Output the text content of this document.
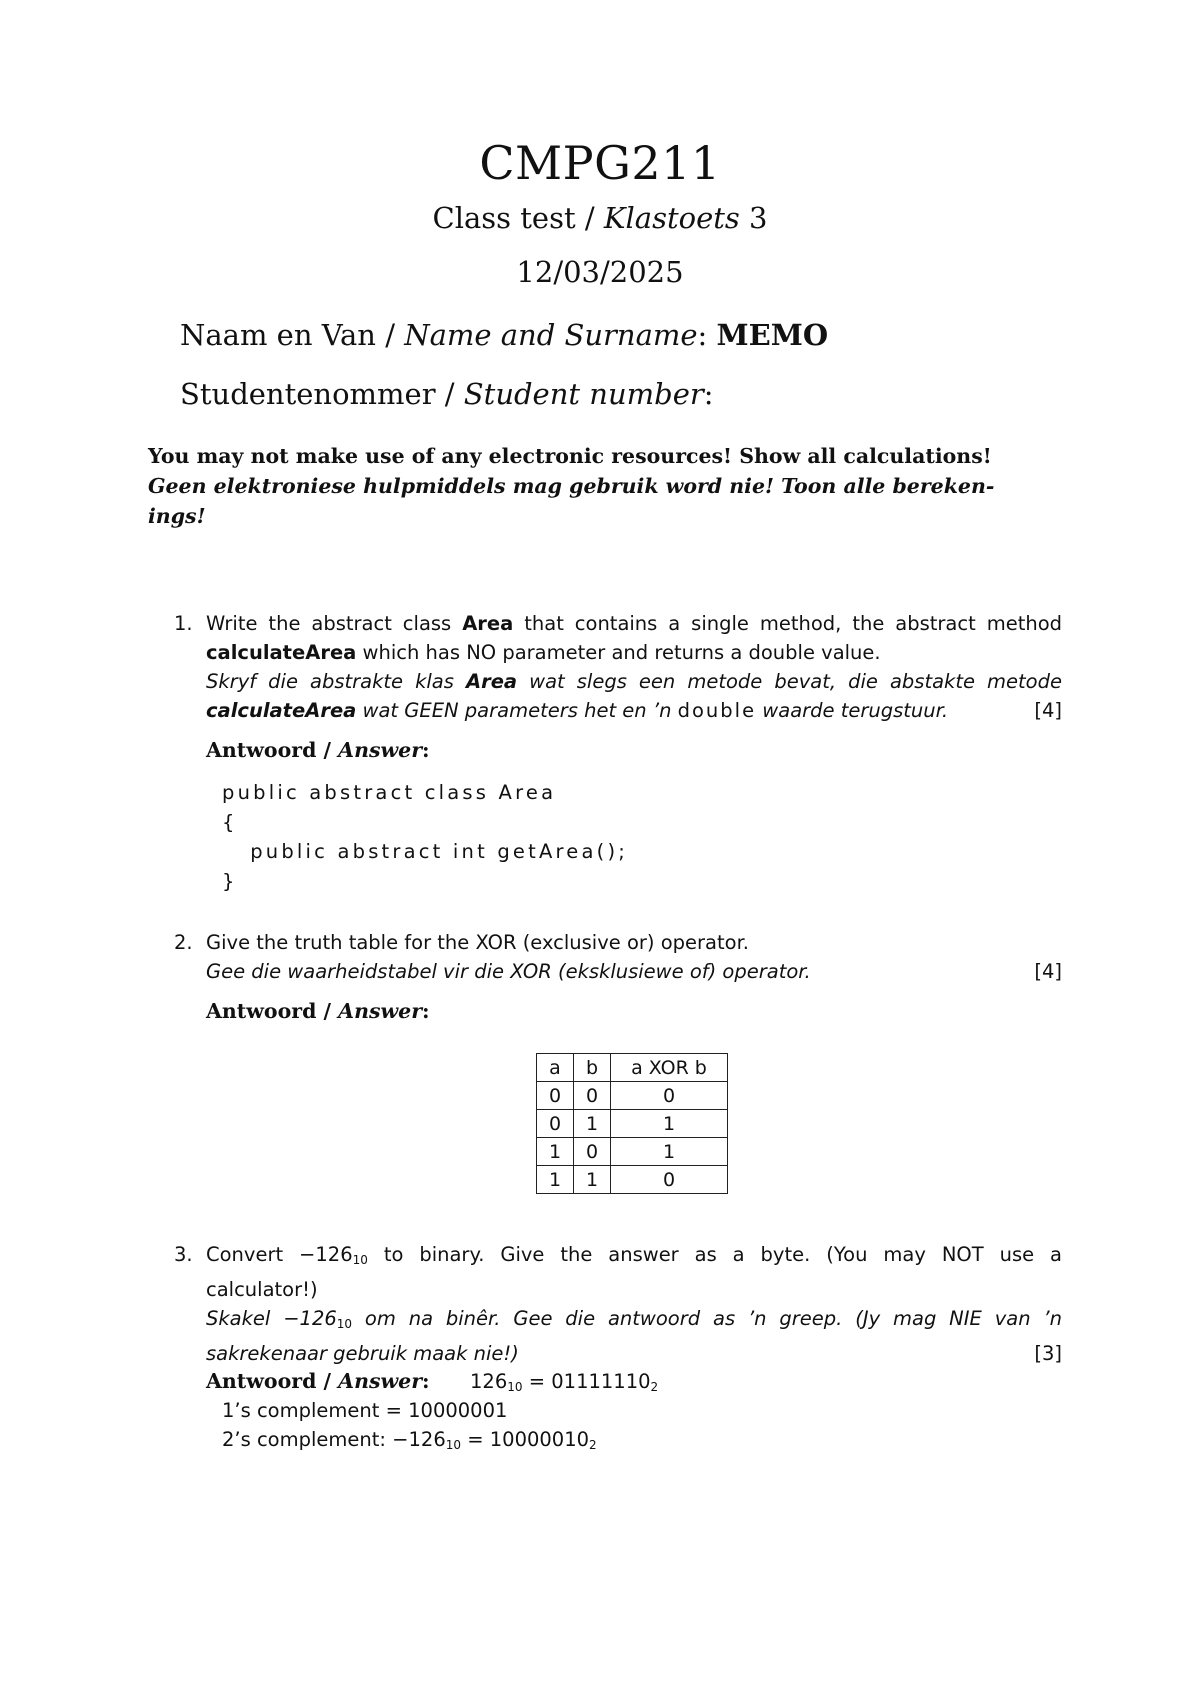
CMPG211
Class test / Klastoets 3
12/03/2025
Naam en Van / Name and Surname: MEMO
Studentenommer / Student number:
You may not make use of any electronic resources! Show all calculations!
Geen elektroniese hulpmiddels mag gebruik word nie! Toon alle bereken-
ings!
1. Write the abstract class Area that contains a single method, the abstract method
calculateArea which has NO parameter and returns a double value.
Skryf die abstrakte klas Area wat slegs een metode bevat, die abstakte metode
calculateArea wat GEEN parameters het en ’n double waarde terugstuur.	[4]
Antwoord / Answer:
public abstract class Area
{
public abstract int getArea();
}
2. Give the truth table for the XOR (exclusive or) operator.
Gee die waarheidstabel vir die XOR (eksklusiewe of) operator.	[4]
Antwoord / Answer:
a	b	a XOR b
0	0	0
0	1	1
1	0	1
1	1	0
3. Convert $-126_{10}$ to binary. Give the answer as a byte. (You may NOT use a
calculator!)
Skakel $-126_{10}$ om na binêr. Gee die antwoord as ’n greep. (Jy mag NIE van ’n
sakrekenaar gebruik maak nie!)	[3]
Antwoord / Answer: $126_{10} = 01111110_2$
1’s complement = 10000001
2’s complement: $-126_{10} = 10000010_2$
